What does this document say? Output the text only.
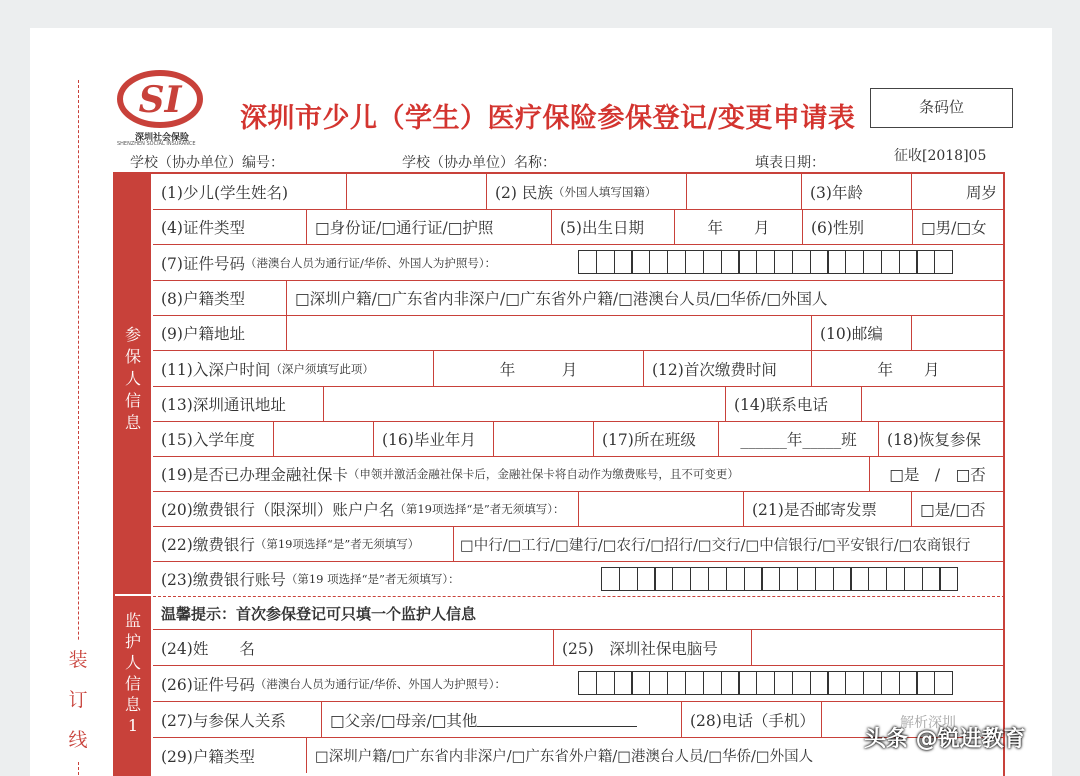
装
订
线
SI
深圳社会保险
SHENZHEN SOCIAL INSURANCE
深圳市少儿（学生）医疗保险参保登记/变更申请表	条码位
征收[2018]05
学校（协办单位）编号：	学校（协办单位）名称：	填表日期：
参
保
人
信
息
监
护
人
信
息
1
(1)少儿(学生姓名)	(2) 民族 （外国人填写国籍）	(3)年龄	周岁
(4)证件类型	□身份证/□通行证/□护照	(5)出生日期	年　　月	(6)性别	□男/□女
(7)证件号码 （港澳台人员为通行证/华侨、外国人为护照号）：
(8)户籍类型	□深圳户籍/□广东省内非深户/□广东省外户籍/□港澳台人员/□华侨/□外国人
(9)户籍地址	(10)邮编
(11)入深户时间 （深户须填写此项）	年　　　月	(12)首次缴费时间	年　　月
(13)深圳通讯地址	(14)联系电话
(15)入学年度	(16)毕业年月	(17)所在班级	______年_____班	(18)恢复参保
(19)是否已办理金融社保卡 （申领并激活金融社保卡后，金融社保卡将自动作为缴费账号，且不可变更）	□是　/　□否
(20)缴费银行（限深圳）账户户名 （第19项选择“是”者无须填写）：	(21)是否邮寄发票	□是/□否
(22)缴费银行 （第19项选择“是”者无须填写）	□中行/□工行/□建行/□农行/□招行/□交行/□中信银行/□平安银行/□农商银行
(23)缴费银行账号 （第19 项选择“是”者无须填写）：
温馨提示：首次参保登记可只填一个监护人信息
(24)姓　　名	(25)　深圳社保电脑号
(26)证件号码 （港澳台人员为通行证/华侨、外国人为护照号）：
(27)与参保人关系	□父亲/□母亲/□其他	(28)电话（手机）
(29)户籍类型	□深圳户籍/□广东省内非深户/□广东省外户籍/□港澳台人员/□华侨/□外国人
解析深圳
头条 @锐进教育
